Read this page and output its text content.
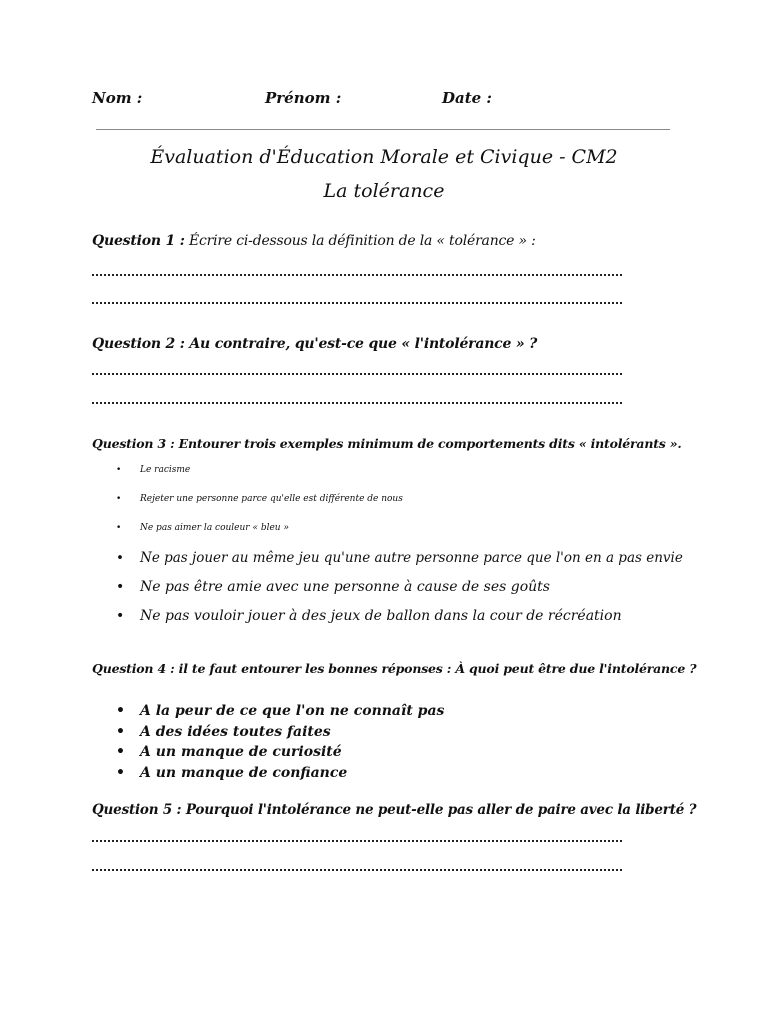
Nom :	Prénom :	Date :
Évaluation d'Éducation Morale et Civique - CM2
La tolérance
Question 1 : Écrire ci-dessous la définition de la « tolérance » :
Question 2 : Au contraire, qu'est-ce que « l'intolérance » ?
Question 3 : Entourer trois exemples minimum de comportements dits « intolérants ».
• Le racisme
• Rejeter une personne parce qu'elle est différente de nous
• Ne pas aimer la couleur « bleu »
• Ne pas jouer au même jeu qu'une autre personne parce que l'on en a pas envie
• Ne pas être amie avec une personne à cause de ses goûts
• Ne pas vouloir jouer à des jeux de ballon dans la cour de récréation
Question 4 : il te faut entourer les bonnes réponses : À quoi peut être due l'intolérance ?
• A la peur de ce que l'on ne connaît pas
• A des idées toutes faites
• A un manque de curiosité
• A un manque de confiance
Question 5 : Pourquoi l'intolérance ne peut-elle pas aller de paire avec la liberté ?
